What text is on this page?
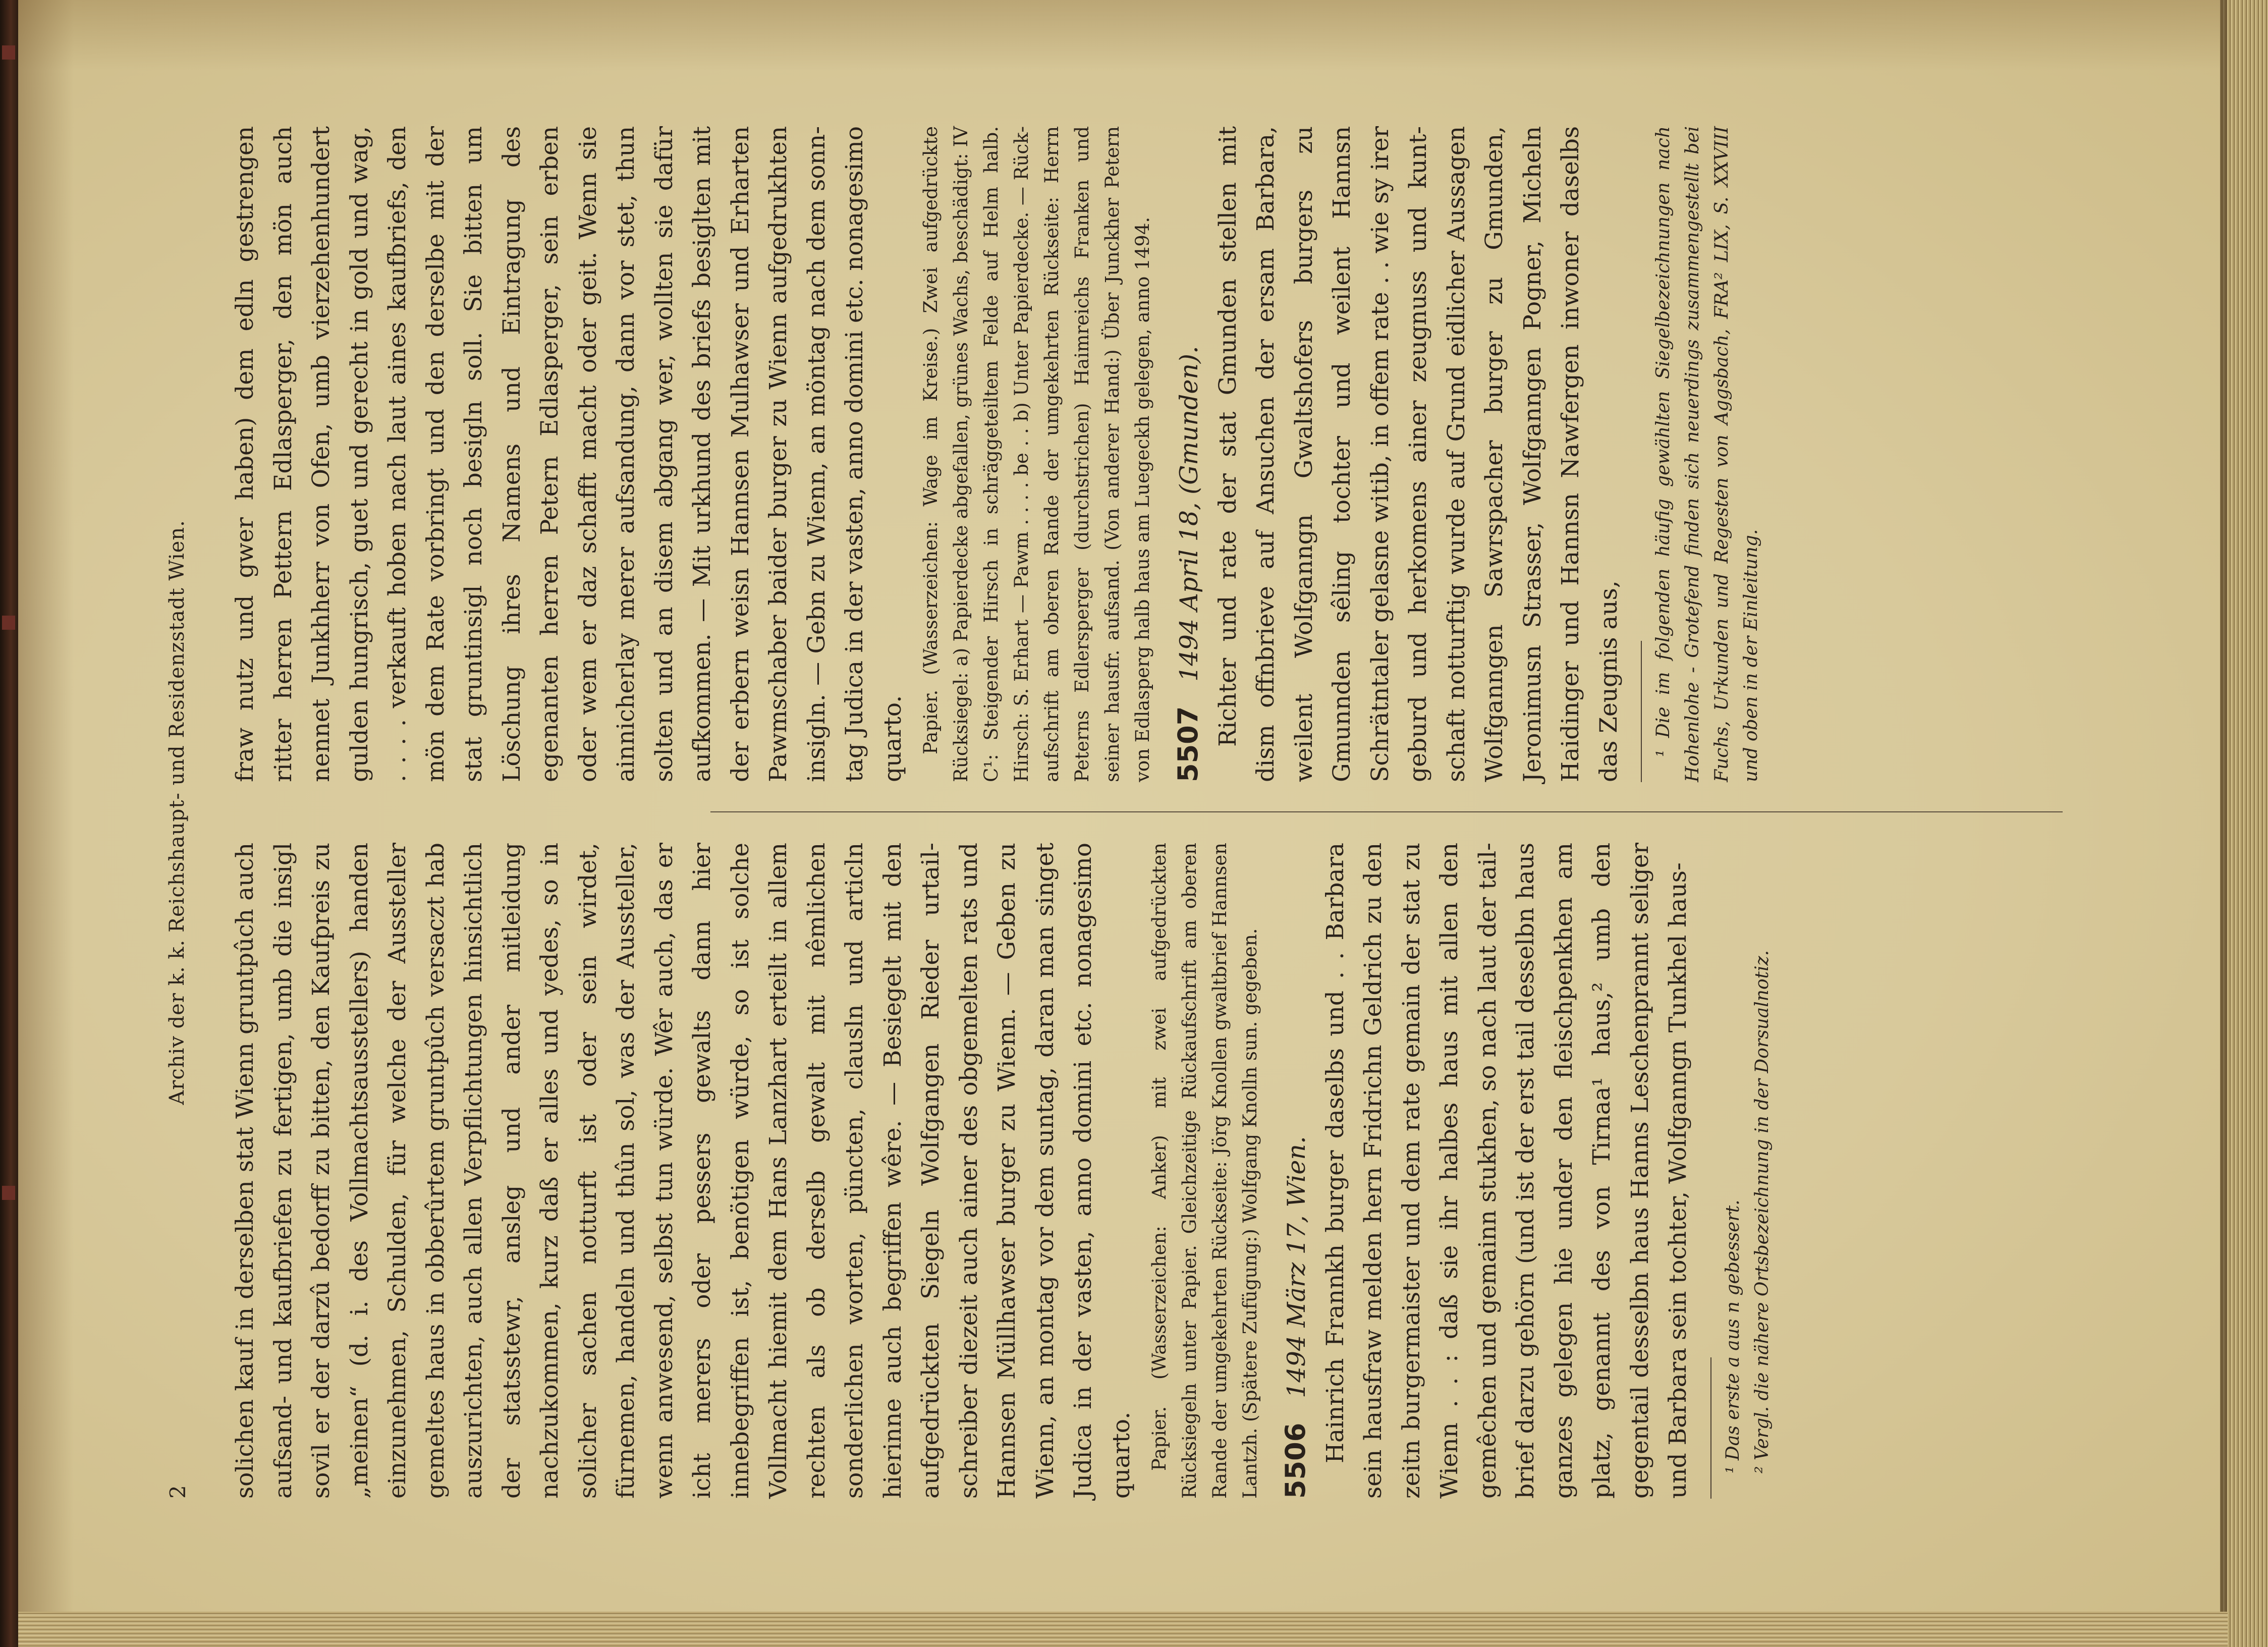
2
Archiv der k. k. Reichshaupt- und Residenzstadt Wien.

solichen kauf in derselben stat Wienn gruntpûch auch aufsand- und kaufbriefen zu fertigen, umb die insigl sovil er der darzû bedorff zu bitten, den Kaufpreis zu „meinen“ (d. i. des Vollmachtsausstellers) handen einzunehmen, Schulden, für welche der Aussteller gemeltes haus in obberûrtem gruntpûch versaczt hab auszurichten, auch allen Verpflichtungen hinsichtlich der statsstewr, ansleg und ander mitleidung nachzukommen, kurz daß er alles und yedes, so in solicher sachen notturft ist oder sein wirdet, fürnemen, handeln und thûn sol, was der Aussteller, wenn anwesend, selbst tun würde. Wêr auch, das er icht merers oder pessers gewalts dann hier innebegriffen ist, benötigen würde, so ist solche Vollmacht hiemit dem Hans Lanzhart erteilt in allem rechten als ob derselb gewalt mit nêmlichen sonderlichen worten, püncten, clausln und articln hierinne auch begriffen wêre. — Besiegelt mit den aufgedrückten Siegeln Wolfgangen Rieder urtailschreiber diezeit auch ainer des obgemelten rats und Hannsen Müllhawser burger zu Wienn. — Geben zu Wienn, an montag vor dem suntag, daran man singet Judica in der vasten, anno domini etc. nonagesimo quarto. Papier. (Wasserzeichen: Anker) mit zwei aufgedrückten Rücksiegeln unter Papier. Gleichzeitige Rückaufschrift am oberen Rande der umgekehrten Rückseite: Jörg Knollen gwaltbrief Hannsen Lantzh. (Spätere Zufügung:) Wolfgang Knolln sun. gegeben. 5506 1494 März 17, Wien. Hainrich Frannkh burger daselbs und . . Barbara sein hausfraw melden hern Fridrichn Geldrich zu den zeitn burgermaister und dem rate gemain der stat zu Wienn . . : daß sie ihr halbes haus mit allen den gemêchen und gemainn stukhen, so nach laut der tailbrief darzu gehörn (und ist der erst tail desselbn haus ganzes gelegen hie under den fleischpenkhen am platz, genannt des von Tirnaa¹ haus,² umb den gegentail desselbn haus Hanns Leschenprannt seliger und Barbara sein tochter, Wolfganngn Tunkhel haus- ¹ Das erste a aus n gebessert. ² Vergl. die nähere Ortsbezeichnung in der Dorsualnotiz.

fraw nutz und gwer haben) dem edln gestrengen ritter herren Pettern Edlasperger, den mön auch nennet Junkhherr von Ofen, umb vierzehenhundert gulden hungrisch, guet und gerecht in gold und wag, . . . . verkauft hoben nach laut aines kaufbriefs, den mön dem Rate vorbringt und den derselbe mit der stat gruntinsigl noch besigln soll. Sie bitten um Löschung ihres Namens und Eintragung des egenanten herren Petern Edlasperger, sein erben oder wem er daz schafft macht oder geit. Wenn sie ainnicherlay merer aufsandung, dann vor stet, thun solten und an disem abgang wer, wollten sie dafür aufkommen. — Mit urkhund des briefs besiglten mit der erbern weisn Hannsen Mulhawser und Erharten Pawmschaber baider burger zu Wienn aufgedrukhten insigln. — Gebn zu Wienn, an möntag nach dem sonntag Judica in der vasten, anno domini etc. nonagesimo quarto. Papier. (Wasserzeichen: Wage im Kreise.) Zwei aufgedrückte Rücksiegel: a) Papierdecke abgefallen, grünes Wachs, beschädigt: IV C¹: Steigender Hirsch in schräggeteiltem Felde auf Helm halb. Hirsch: S. Erhart — Pawm . . . . be . . b) Unter Papierdecke. — Rückaufschrift am oberen Rande der umgekehrten Rückseite: Herrn Peterns Edlersperger (durchstrichen) Haimreichs Franken und seiner hausfr. aufsand. (Von anderer Hand:) Über Junckher Petern von Edlasperg halb haus am Luegeckh gelegen, anno 1494. 5507 1494 April 18, (Gmunden). Richter und rate der stat Gmunden stellen mit dism offnbrieve auf Ansuchen der ersam Barbara, weilent Wolfganngn Gwaltshofers burgers zu Gmunnden sêling tochter und weilent Hannsn Schrätntaler gelasne witib, in offem rate . . wie sy irer geburd und herkomens ainer zeugnuss und kuntschaft notturftig wurde auf Grund eidlicher Aussagen Wolfganngen Sawrspacher burger zu Gmunden, Jeronimusn Strasser, Wolfganngen Pogner, Micheln Haidinger und Hannsn Nawfergen inwoner daselbs das Zeugnis aus, ¹ Die im folgenden häufig gewählten Siegelbezeichnungen nach Hohenlohe - Grotefend finden sich neuerdings zusammengestellt bei Fuchs, Urkunden und Regesten von Aggsbach, FRA² LIX, S. XXVIII und oben in der Einleitung.
